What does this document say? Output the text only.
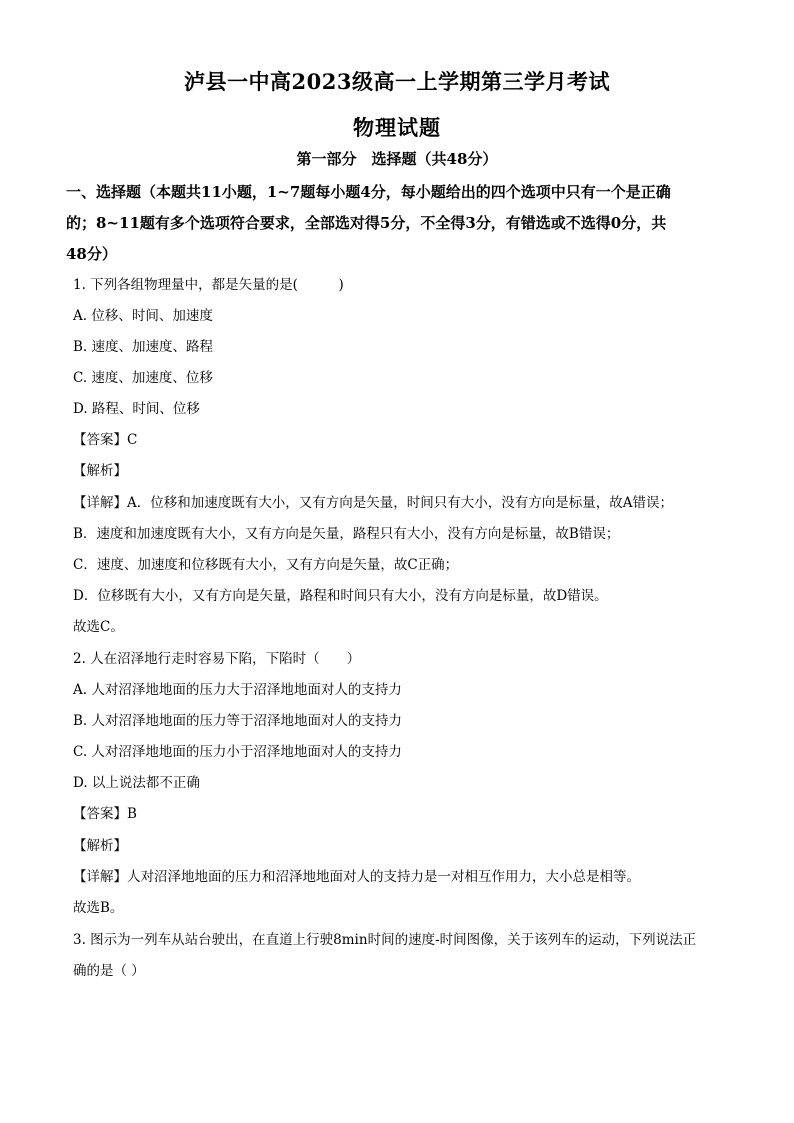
泸县一中高2023级高一上学期第三学月考试
物理试题
第一部分　选择题（共48分）
一、选择题（本题共11小题，1~7题每小题4分，每小题给出的四个选项中只有一个是正确
的；8~11题有多个选项符合要求，全部选对得5分，不全得3分，有错选或不选得0分，共
48分）
1. 下列各组物理量中，都是矢量的是(　　　)
A. 位移、时间、加速度
B. 速度、加速度、路程
C. 速度、加速度、位移
D. 路程、时间、位移
【答案】C
【解析】
【详解】A．位移和加速度既有大小，又有方向是矢量，时间只有大小，没有方向是标量，故A错误；
B．速度和加速度既有大小，又有方向是矢量，路程只有大小，没有方向是标量，故B错误；
C．速度、加速度和位移既有大小，又有方向是矢量，故C正确；
D．位移既有大小，又有方向是矢量，路程和时间只有大小，没有方向是标量，故D错误。
故选C。
2. 人在沼泽地行走时容易下陷，下陷时（　　）
A. 人对沼泽地地面的压力大于沼泽地地面对人的支持力
B. 人对沼泽地地面的压力等于沼泽地地面对人的支持力
C. 人对沼泽地地面的压力小于沼泽地地面对人的支持力
D. 以上说法都不正确
【答案】B
【解析】
【详解】人对沼泽地地面的压力和沼泽地地面对人的支持力是一对相互作用力，大小总是相等。
故选B。
3. 图示为一列车从站台驶出，在直道上行驶8min时间的速度-时间图像，关于该列车的运动，下列说法正
确的是（ ）
